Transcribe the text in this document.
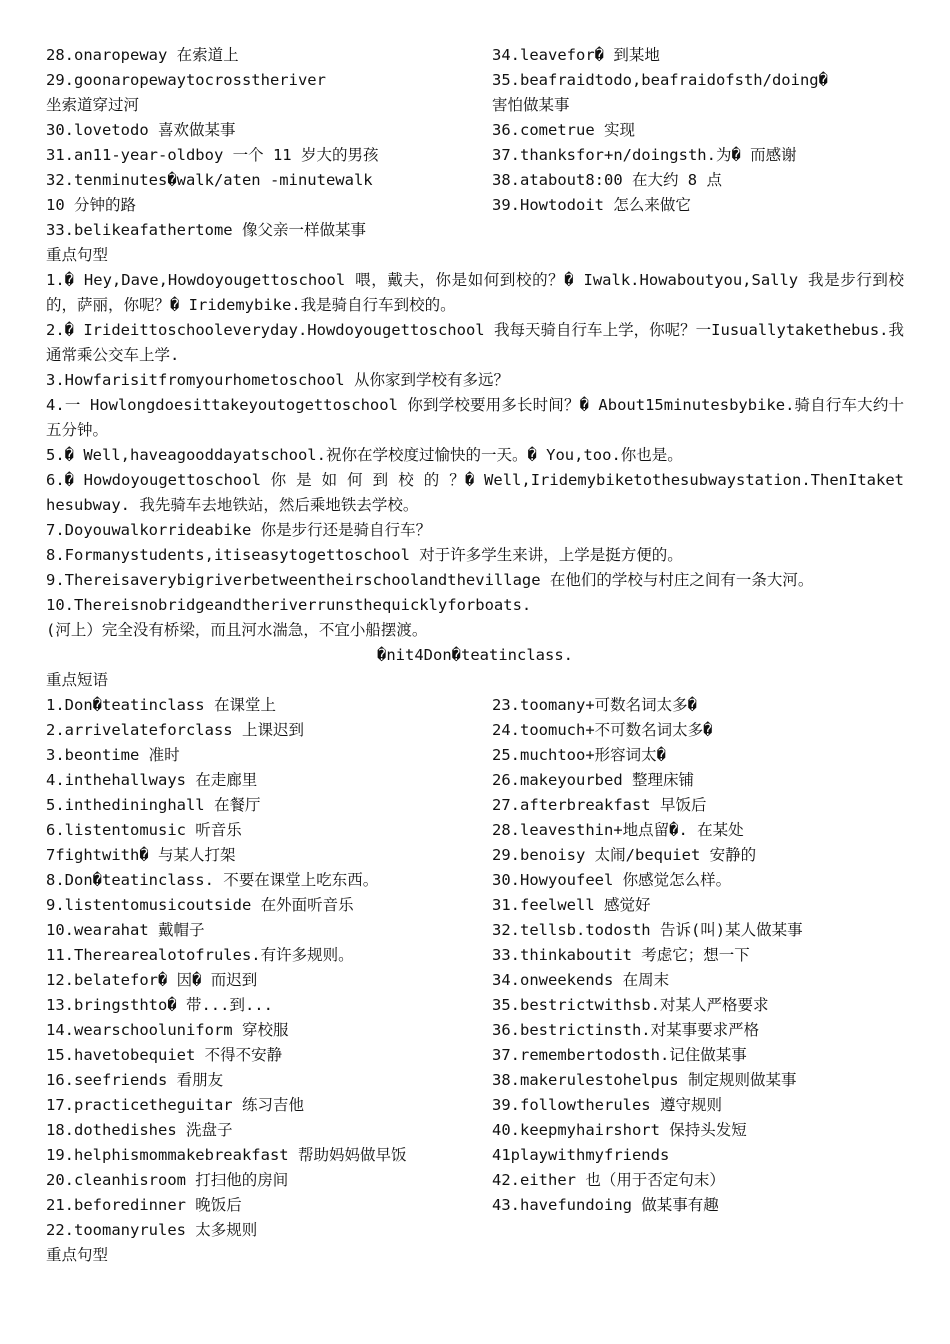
28.onaropeway 在索道上
29.goonaropewaytocrosstheriver
坐索道穿过河
30.lovetodo 喜欢做某事
31.an11-year-oldboy 一个 11 岁大的男孩
32.tenminutes�walk/aten -minutewalk
10 分钟的路
33.belikeafathertome 像父亲一样做某事
34.leavefor� 到某地
35.beafraidtodo,beafraidofsth/doing�
害怕做某事
36.cometrue 实现
37.thanksfor+n/doingsth.为� 而感谢
38.atabout8:00 在大约 8 点
39.Howtodoit 怎么来做它
重点句型
1.� Hey,Dave,Howdoyougettoschool 喂，戴夫，你是如何到校的？� Iwalk.Howaboutyou,Sally 我是步行到校的，萨丽，你呢？� Iridemybike.我是骑自行车到校的。
2.� Irideittoschooleveryday.Howdoyougettoschool 我每天骑自行车上学，你呢？一Iusuallytakethebus.我通常乘公交车上学.
3.Howfarisitfromyourhometoschool 从你家到学校有多远？
4.一 Howlongdoesittakeyoutogettoschool 你到学校要用多长时间？� About15minutesbybike.骑自行车大约十五分钟。
5.� Well,haveagooddayatschool.祝你在学校度过愉快的一天。� You,too.你也是。
6.� Howdoyougettoschool 你 是 如 何 到 校 的 ？� Well,Iridemybiketothesubwaystation.ThenItakethesubway. 我先骑车去地铁站，然后乘地铁去学校。
7.Doyouwalkorrideabike 你是步行还是骑自行车？
8.Formanystudents,itiseasytogettoschool 对于许多学生来讲，上学是挺方便的。
9.Thereisaverybigriverbetweentheirschoolandthevillage 在他们的学校与村庄之间有一条大河。
10.Thereisnobridgeandtheriverrunsthequicklyforboats.
(河上）完全没有桥梁，而且河水湍急，不宜小船摆渡。
�nit4Don�teatinclass.
重点短语
1.Don�teatinclass 在课堂上
2.arrivelateforclass 上课迟到
3.beontime 准时
4.inthehallways 在走廊里
5.inthedininghall 在餐厅
6.listentomusic 听音乐
7fightwith� 与某人打架
8.Don�teatinclass. 不要在课堂上吃东西。
9.listentomusicoutside 在外面听音乐
10.wearahat 戴帽子
11.Therearealotofrules.有许多规则。
12.belatefor� 因� 而迟到
13.bringsthto� 带...到...
14.wearschooluniform 穿校服
15.havetobequiet 不得不安静
16.seefriends 看朋友
17.practicetheguitar 练习吉他
18.dothedishes 洗盘子
19.helphismommakebreakfast 帮助妈妈做早饭
20.cleanhisroom 打扫他的房间
21.beforedinner 晚饭后
22.toomanyrules 太多规则
23.toomany+可数名词太多�
24.toomuch+不可数名词太多�
25.muchtoo+形容词太�
26.makeyourbed 整理床铺
27.afterbreakfast 早饭后
28.leavesthin+地点留�. 在某处
29.benoisy 太闹/bequiet 安静的
30.Howyoufeel 你感觉怎么样。
31.feelwell 感觉好
32.tellsb.todosth 告诉(叫)某人做某事
33.thinkaboutit 考虑它；想一下
34.onweekends 在周末
35.bestrictwithsb.对某人严格要求
36.bestrictinsth.对某事要求严格
37.remembertodosth.记住做某事
38.makerulestohelpus 制定规则做某事
39.followtherules 遵守规则
40.keepmyhairshort 保持头发短
41playwithmyfriends
42.either 也（用于否定句末）
43.havefundoing 做某事有趣
重点句型
